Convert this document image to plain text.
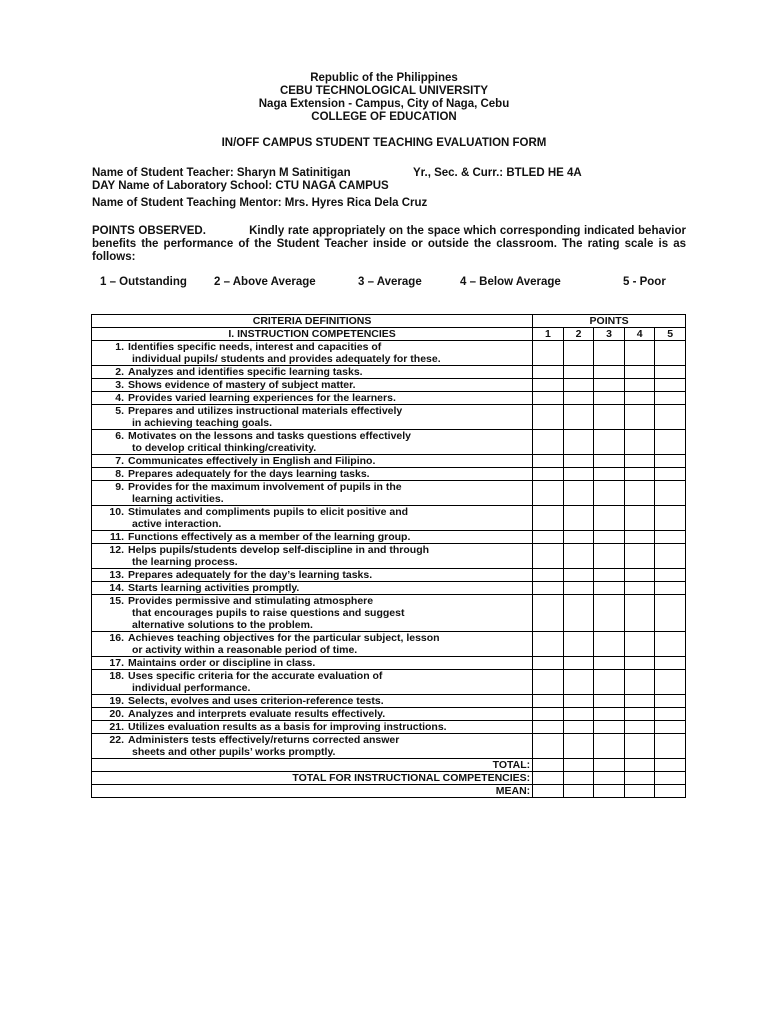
Republic of the Philippines
CEBU TECHNOLOGICAL UNIVERSITY
Naga Extension - Campus, City of Naga, Cebu
COLLEGE OF EDUCATION
IN/OFF CAMPUS STUDENT TEACHING EVALUATION FORM
Name of Student Teacher: Sharyn M Satinitigan	Yr., Sec. & Curr.: BTLED HE 4A
DAY Name of Laboratory School: CTU NAGA CAMPUS
Name of Student Teaching Mentor: Mrs. Hyres Rica Dela Cruz
POINTS OBSERVED.	Kindly rate appropriately on the space which corresponding indicated behavior benefits the performance of the Student Teacher inside or outside the classroom. The rating scale is as follows:
1 – Outstanding 2 – Above Average	3 – Average	4 – Below Average	5 - Poor
CRITERIA DEFINITIONS	POINTS				
I. INSTRUCTION COMPETENCIES	1	2	3	4	5

1. Identifies specific needs, interest and capacities of
individual pupils/ students and provides adequately for these.					

2. Analyzes and identifies specific learning tasks.					

3. Shows evidence of mastery of subject matter.					

4. Provides varied learning experiences for the learners.					

5. Prepares and utilizes instructional materials effectively
in achieving teaching goals.					

6. Motivates on the lessons and tasks questions effectively
to develop critical thinking/creativity.					

7. Communicates effectively in English and Filipino.					

8. Prepares adequately for the days learning tasks.					

9. Provides for the maximum involvement of pupils in the
learning activities.					

10. Stimulates and compliments pupils to elicit positive and
active interaction.					

11. Functions effectively as a member of the learning group.					

12. Helps pupils/students develop self-discipline in and through
the learning process.					

13. Prepares adequately for the day’s learning tasks.					

14. Starts learning activities promptly.					

15. Provides permissive and stimulating atmosphere
that encourages pupils to raise questions and suggest
alternative solutions to the problem.					

16. Achieves teaching objectives for the particular subject, lesson
or activity within a reasonable period of time.					

17. Maintains order or discipline in class.					

18. Uses specific criteria for the accurate evaluation of
individual performance.					

19. Selects, evolves and uses criterion-reference tests.					

20. Analyzes and interprets evaluate results effectively.					

21. Utilizes evaluation results as a basis for improving instructions.					

22. Administers tests effectively/returns corrected answer
sheets and other pupils’ works promptly.					

TOTAL:					
TOTAL FOR INSTRUCTIONAL COMPETENCIES:					
MEAN:					
